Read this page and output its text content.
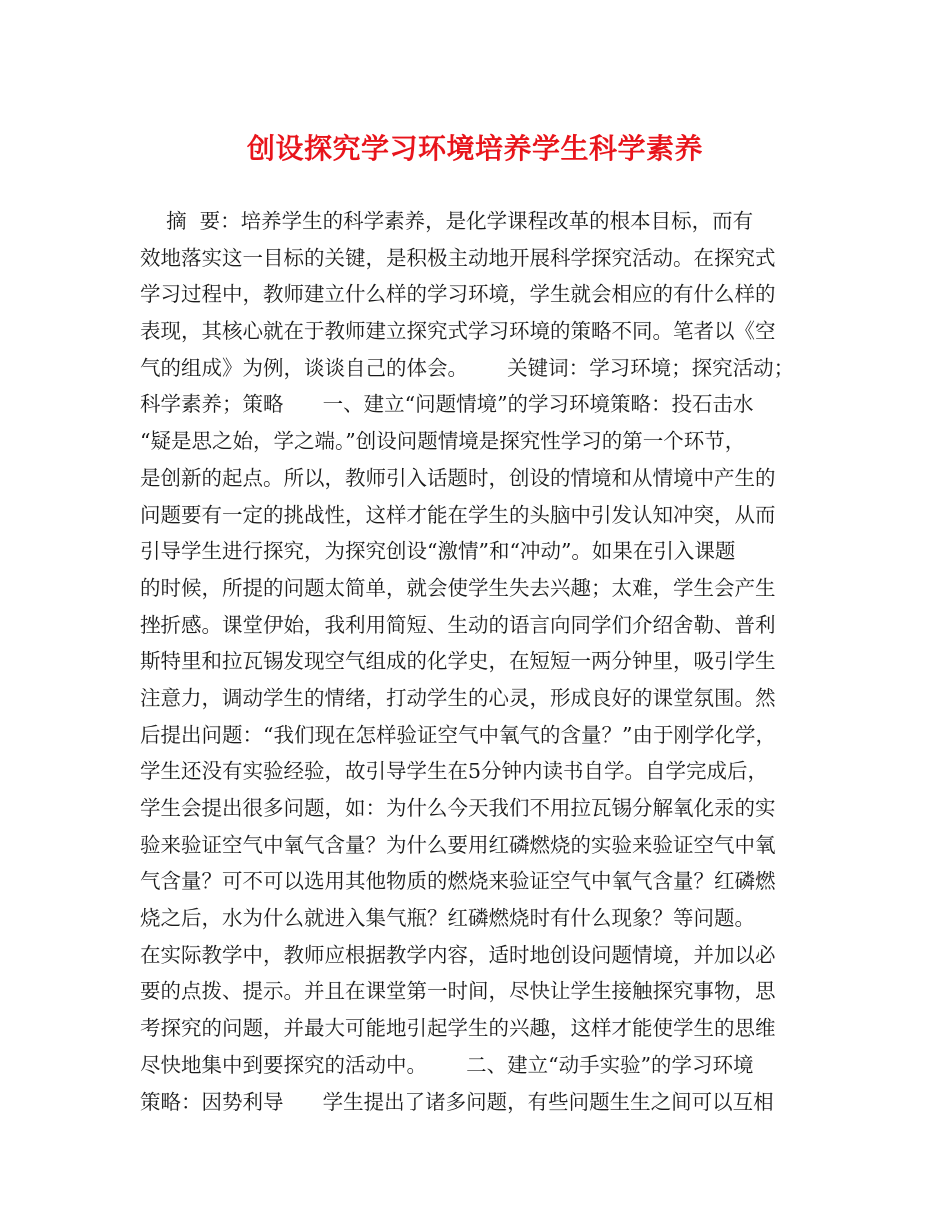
创设探究学习环境培养学生科学素养
摘  要：培养学生的科学素养，是化学课程改革的根本目标，而有
效地落实这一目标的关键，是积极主动地开展科学探究活动。在探究式
学习过程中，教师建立什么样的学习环境，学生就会相应的有什么样的
表现，其核心就在于教师建立探究式学习环境的策略不同。笔者以《空
气的组成》为例，谈谈自己的体会。      关键词：学习环境；探究活动；
科学素养；策略      一、建立“问题情境”的学习环境策略：投石击水
“疑是思之始，学之端。”创设问题情境是探究性学习的第一个环节，
是创新的起点。所以，教师引入话题时，创设的情境和从情境中产生的
问题要有一定的挑战性，这样才能在学生的头脑中引发认知冲突，从而
引导学生进行探究，为探究创设“激情”和“冲动”。如果在引入课题
的时候，所提的问题太简单，就会使学生失去兴趣；太难，学生会产生
挫折感。课堂伊始，我利用简短、生动的语言向同学们介绍舍勒、普利
斯特里和拉瓦锡发现空气组成的化学史，在短短一两分钟里，吸引学生
注意力，调动学生的情绪，打动学生的心灵，形成良好的课堂氛围。然
后提出问题：“我们现在怎样验证空气中氧气的含量？”由于刚学化学，
学生还没有实验经验，故引导学生在5分钟内读书自学。自学完成后，
学生会提出很多问题，如：为什么今天我们不用拉瓦锡分解氧化汞的实
验来验证空气中氧气含量？为什么要用红磷燃烧的实验来验证空气中氧
气含量？可不可以选用其他物质的燃烧来验证空气中氧气含量？红磷燃
烧之后，水为什么就进入集气瓶？红磷燃烧时有什么现象？等问题。
在实际教学中，教师应根据教学内容，适时地创设问题情境，并加以必
要的点拨、提示。并且在课堂第一时间，尽快让学生接触探究事物，思
考探究的问题，并最大可能地引起学生的兴趣，这样才能使学生的思维
尽快地集中到要探究的活动中。      二、建立“动手实验”的学习环境
策略：因势利导      学生提出了诸多问题，有些问题生生之间可以互相
